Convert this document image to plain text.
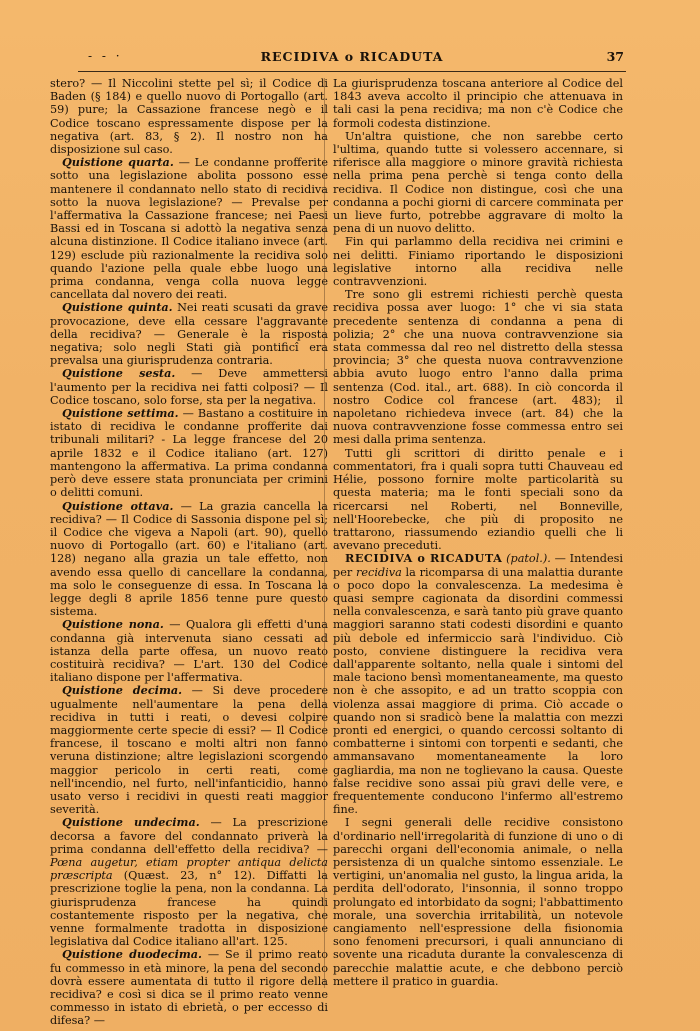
- - ·	RECIDIVA o RICADUTA	37

stero? — Il Niccolini stette pel sì; il Codice di Baden (§ 184) e quello nuovo di Portogallo (art. 59) pure; la Cassazione francese negò e il Codice toscano espressamente dispose per la negativa (art. 83, § 2). Il nostro non ha disposizione sul caso.

Quistione quarta. — Le condanne profferite sotto una legislazione abolita possono esse mantenere il condannato nello stato di recidiva sotto la nuova legislazione? — Prevalse per l'affermativa la Cassazione francese; nei Paesi Bassi ed in Toscana si adottò la negativa senza alcuna distinzione. Il Codice italiano invece (art. 129) esclude più razionalmente la recidiva solo quando l'azione pella quale ebbe luogo una prima condanna, venga colla nuova legge cancellata dal novero dei reati.

Quistione quinta. Nei reati scusati da grave provocazione, deve ella cessare l'aggravante della recidiva? — Generale è la risposta negativa; solo negli Stati già pontificî era prevalsa una giurisprudenza contraria.

Quistione sesta. — Deve ammettersi l'aumento per la recidiva nei fatti colposi? — Il Codice toscano, solo forse, sta per la negativa.

Quistione settima. — Bastano a costituire in istato di recidiva le condanne profferite dai tribunali militari? - La legge francese del 20 aprile 1832 e il Codice italiano (art. 127) mantengono la affermativa. La prima condanna però deve essere stata pronunciata per crimini o delitti comuni.

Quistione ottava. — La grazia cancella la recidiva? — Il Codice di Sassonia dispone pel sì; il Codice che vigeva a Napoli (art. 90), quello nuovo di Portogallo (art. 60) e l'italiano (art. 128) negano alla grazia un tale effetto, non avendo essa quello di cancellare la condanna, ma solo le conseguenze di essa. In Toscana la legge degli 8 aprile 1856 tenne pure questo sistema.

Quistione nona. — Qualora gli effetti d'una condanna già intervenuta siano cessati ad istanza della parte offesa, un nuovo reato costituirà recidiva? — L'art. 130 del Codice italiano dispone per l'affermativa.

Quistione decima. — Si deve procedere ugualmente nell'aumentare la pena della recidiva in tutti i reati, o devesi colpire maggiormente certe specie di essi? — Il Codice francese, il toscano e molti altri non fanno veruna distinzione; altre legislazioni scorgendo maggior pericolo in certi reati, come nell'incendio, nel furto, nell'infanticidio, hanno usato verso i recidivi in questi reati maggior severità.

Quistione undecima. — La prescrizione decorsa a favore del condannato priverà la prima condanna dell'effetto della recidiva? — Pœna augetur, etiam propter antiqua delicta præscripta (Quæst. 23, n° 12). Diffatti la prescrizione toglie la pena, non la condanna. La giurisprudenza francese ha quindi costantemente risposto per la negativa, che venne formalmente tradotta in disposizione legislativa dal Codice italiano all'art. 125.

Quistione duodecima. — Se il primo reato fu commesso in età minore, la pena del secondo dovrà essere aumentata di tutto il rigore della recidiva? e così si dica se il primo reato venne commesso in istato di ebrietà, o per eccesso di difesa? —

La giurisprudenza toscana anteriore al Codice del 1843 aveva accolto il principio che attenuava in tali casi la pena recidiva; ma non c'è Codice che formoli codesta distinzione.

Un'altra quistione, che non sarebbe certo l'ultima, quando tutte si volessero accennare, si riferisce alla maggiore o minore gravità richiesta nella prima pena perchè si tenga conto della recidiva. Il Codice non distingue, così che una condanna a pochi giorni di carcere comminata per un lieve furto, potrebbe aggravare di molto la pena di un nuovo delitto.

Fin qui parlammo della recidiva nei crimini e nei delitti. Finiamo riportando le disposizioni legislative intorno alla recidiva nelle contravvenzioni.

Tre sono gli estremi richiesti perchè questa recidiva possa aver luogo: 1° che vi sia stata precedente sentenza di condanna a pena di polizia; 2° che una nuova contravvenzione sia stata commessa dal reo nel distretto della stessa provincia; 3° che questa nuova contravvenzione abbia avuto luogo entro l'anno dalla prima sentenza (Cod. ital., art. 688). In ciò concorda il nostro Codice col francese (art. 483); il napoletano richiedeva invece (art. 84) che la nuova contravvenzione fosse commessa entro sei mesi dalla prima sentenza.

Tutti gli scrittori di diritto penale e i commentatori, fra i quali sopra tutti Chauveau ed Hélie, possono fornire molte particolarità su questa materia; ma le fonti speciali sono da ricercarsi nel Roberti, nel Bonneville, nell'Hoorebecke, che più di proposito ne trattarono, riassumendo eziandio quelli che li avevano preceduti.

RECIDIVA o RICADUTA (patol.). — Intendesi per recidiva la ricomparsa di una malattia durante o poco dopo la convalescenza. La medesima è quasi sempre cagionata da disordini commessi nella convalescenza, e sarà tanto più grave quanto maggiori saranno stati codesti disordini e quanto più debole ed infermiccio sarà l'individuo. Ciò posto, conviene distinguere la recidiva vera dall'apparente soltanto, nella quale i sintomi del male taciono bensì momentaneamente, ma questo non è che assopito, e ad un tratto scoppia con violenza assai maggiore di prima. Ciò accade o quando non si sradicò bene la malattia con mezzi pronti ed energici, o quando cercossi soltanto di combatterne i sintomi con torpenti e sedanti, che ammansavano momentaneamente la loro gagliardia, ma non ne toglievano la causa. Queste false recidive sono assai più gravi delle vere, e frequentemente conducono l'infermo all'estremo fine.

I segni generali delle recidive consistono d'ordinario nell'irregolarità di funzione di uno o di parecchi organi dell'economia animale, o nella persistenza di un qualche sintomo essenziale. Le vertigini, un'anomalia nel gusto, la lingua arida, la perdita dell'odorato, l'insonnia, il sonno troppo prolungato ed intorbidato da sogni; l'abbattimento morale, una soverchia irritabilità, un notevole cangiamento nell'espressione della fisionomia sono fenomeni precursori, i quali annunciano di sovente una ricaduta durante la convalescenza di parecchie malattie acute, e che debbono perciò mettere il pratico in guardia.
